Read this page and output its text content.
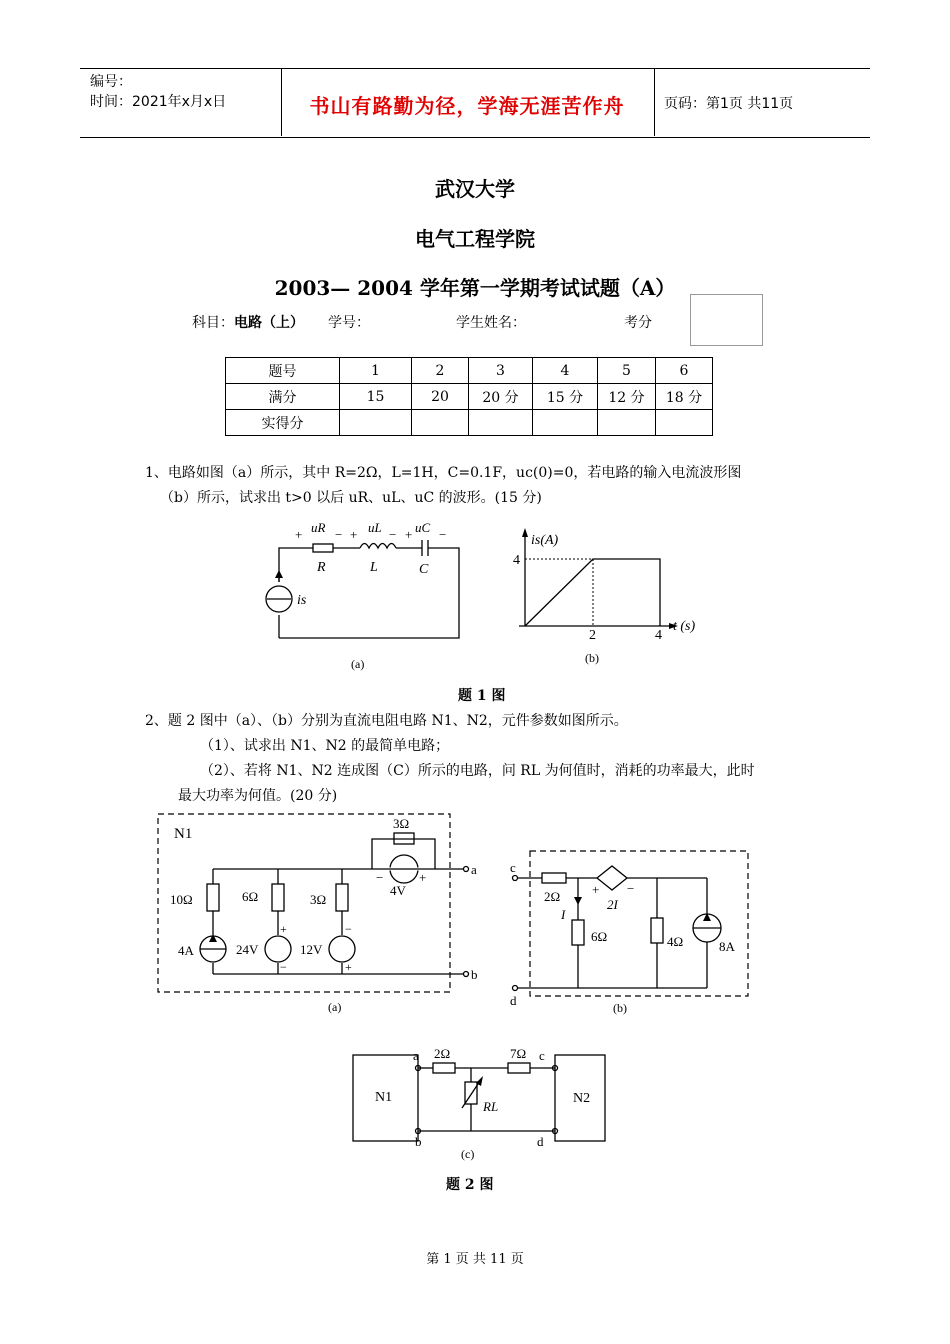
编号：
时间：2021年x月x日	书山有路勤为径，学海无涯苦作舟	页码：第1页 共11页
武汉大学
电气工程学院
2003— 2004 学年第一学期考试试题（A）
科目：电路（上） 学号：	学生姓名：	考分
题号	1	2	3	4	5	6
满分	15	20	20 分	15 分	12 分	18 分
实得分						
1、电路如图（a）所示，其中 R=2Ω，L=1H，C=0.1F，uc(0)=0，若电路的输入电流波形图
（b）所示，试求出 t>0 以后 uR、uL、uC 的波形。(15 分)
+ uR − + uL − + uC −
R	L	C
is
(a)
is(A)
4
2	4
t (s)
(b)
题 1 图
2、题 2 图中（a）、（b）分别为直流电阻电路 N1、N2，元件参数如图所示。
（1）、试求出 N1、N2 的最简单电路；
（2）、若将 N1、N2 连成图（C）所示的电路，问 RL 为何值时，消耗的功率最大，此时
最大功率为何值。(20 分)
N1
3Ω
4V
−	+
10Ω	6Ω	3Ω
4A	24V	12V
+
−
−
+
a
b
(a)
c
d
2Ω + −
2I
I
6Ω	4Ω	8A
(b)
N1	N2
a
b
c
d
2Ω	7Ω
RL
(c)
题 2 图
第 1 页 共 11 页
